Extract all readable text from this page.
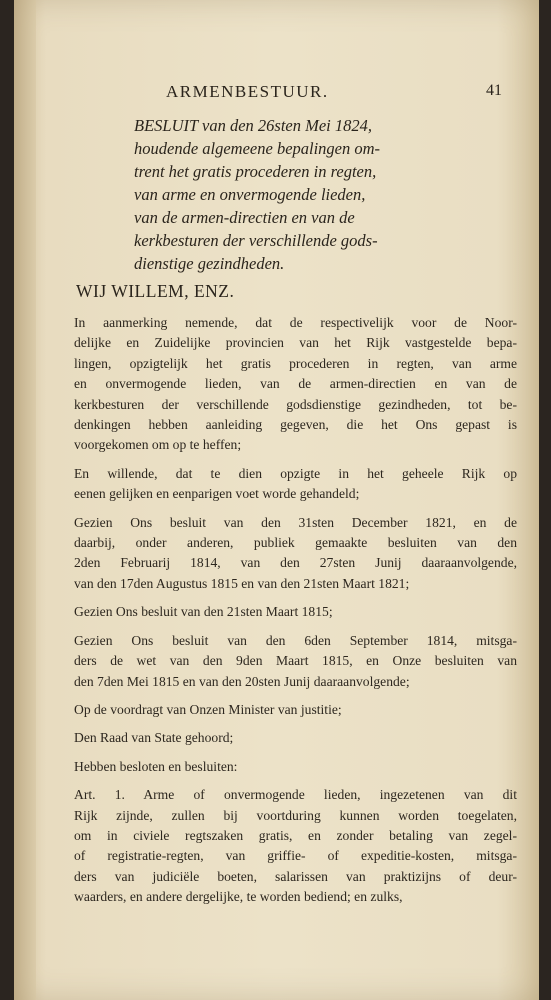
ARMENBESTUUR.	41
BESLUIT van den 26sten Mei 1824,
houdende algemeene bepalingen om-
trent het gratis procederen in regten,
van arme en onvermogende lieden,
van de armen-directien en van de
kerkbesturen der verschillende gods-
dienstige gezindheden.
WIJ WILLEM, ENZ.
In aanmerking nemende, dat de respectivelijk voor de Noor-
delijke en Zuidelijke provincien van het Rijk vastgestelde bepa-
lingen, opzigtelijk het gratis procederen in regten, van arme
en onvermogende lieden, van de armen-directien en van de
kerkbesturen der verschillende godsdienstige gezindheden, tot be-
denkingen hebben aanleiding gegeven, die het Ons gepast is
voorgekomen om op te heffen;
En willende, dat te dien opzigte in het geheele Rijk op
eenen gelijken en eenparigen voet worde gehandeld;
Gezien Ons besluit van den 31sten December 1821, en de
daarbij, onder anderen, publiek gemaakte besluiten van den
2den Februarij 1814, van den 27sten Junij daaraanvolgende,
van den 17den Augustus 1815 en van den 21sten Maart 1821;
Gezien Ons besluit van den 21sten Maart 1815;
Gezien Ons besluit van den 6den September 1814, mitsga-
ders de wet van den 9den Maart 1815, en Onze besluiten van
den 7den Mei 1815 en van den 20sten Junij daaraanvolgende;
Op de voordragt van Onzen Minister van justitie;
Den Raad van State gehoord;
Hebben besloten en besluiten:
Art. 1. Arme of onvermogende lieden, ingezetenen van dit
Rijk zijnde, zullen bij voortduring kunnen worden toegelaten,
om in civiele regtszaken gratis, en zonder betaling van zegel-
of registratie-regten, van griffie- of expeditie-kosten, mitsga-
ders van judiciële boeten, salarissen van praktizijns of deur-
waarders, en andere dergelijke, te worden bediend; en zulks,
